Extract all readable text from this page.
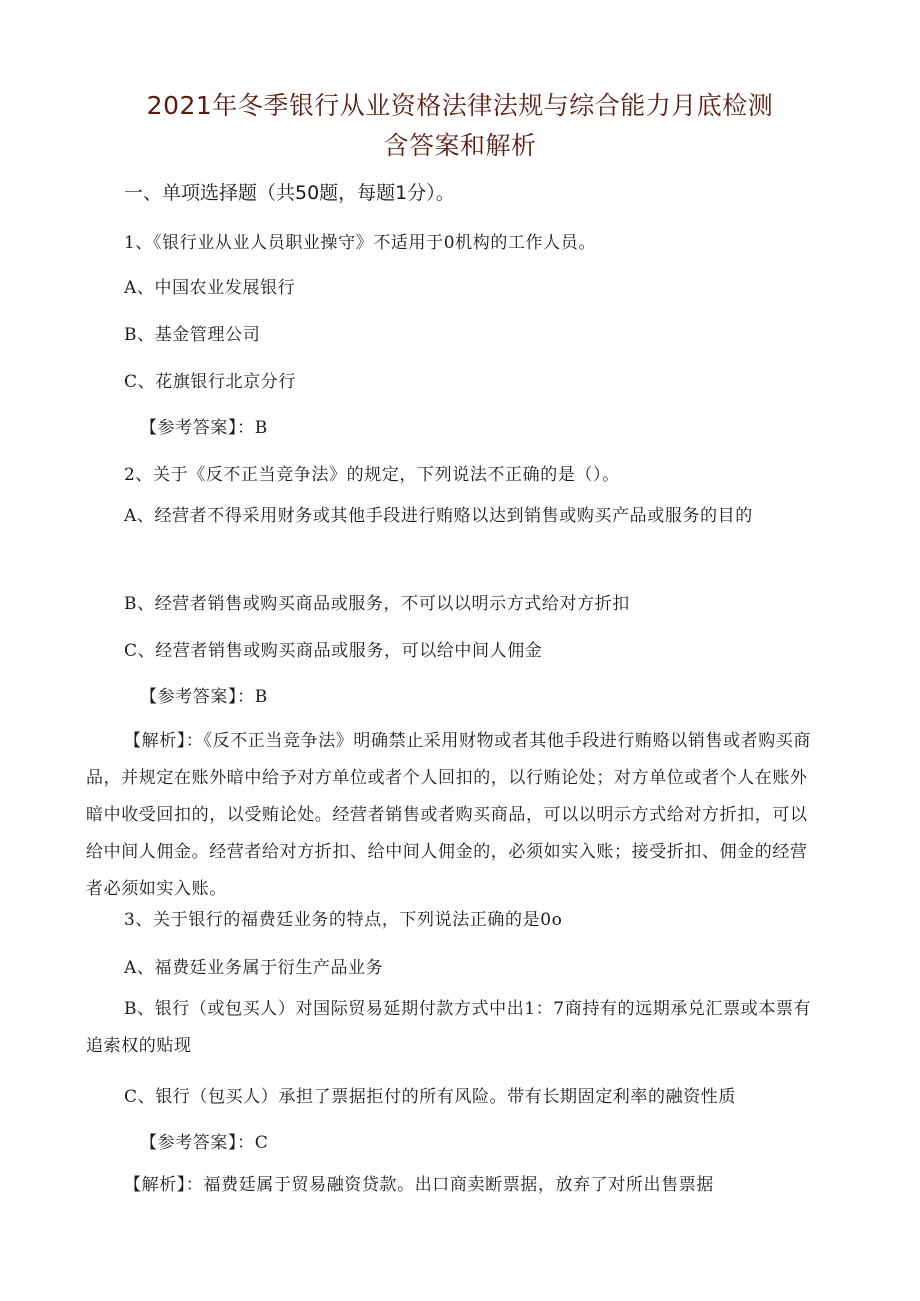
2021年冬季银行从业资格法律法规与综合能力月底检测
含答案和解析
一、单项选择题（共50题，每题1分）。

1、《银行业从业人员职业操守》不适用于0机构的工作人员。

A、中国农业发展银行

B、基金管理公司

C、花旗银行北京分行

【参考答案】：B

2、关于《反不正当竞争法》的规定，下列说法不正确的是（）。

A、经营者不得采用财务或其他手段进行贿赂以达到销售或购买产品或服务的目的

B、经营者销售或购买商品或服务，不可以以明示方式给对方折扣

C、经营者销售或购买商品或服务，可以给中间人佣金

【参考答案】：B

【解析】：《反不正当竞争法》明确禁止采用财物或者其他手段进行贿赂以销售或者购买商品，并规定在账外暗中给予对方单位或者个人回扣的，以行贿论处；对方单位或者个人在账外暗中收受回扣的，以受贿论处。经营者销售或者购买商品，可以以明示方式给对方折扣，可以给中间人佣金。经营者给对方折扣、给中间人佣金的，必须如实入账；接受折扣、佣金的经营者必须如实入账。

3、关于银行的福费廷业务的特点，下列说法正确的是0o

A、福费廷业务属于衍生产品业务

B、银行（或包买人）对国际贸易延期付款方式中出1：7商持有的远期承兑汇票或本票有追索权的贴现

C、银行（包买人）承担了票据拒付的所有风险。带有长期固定利率的融资性质

【参考答案】：C

【解析】：福费廷属于贸易融资贷款。出口商卖断票据，放弃了对所出售票据
